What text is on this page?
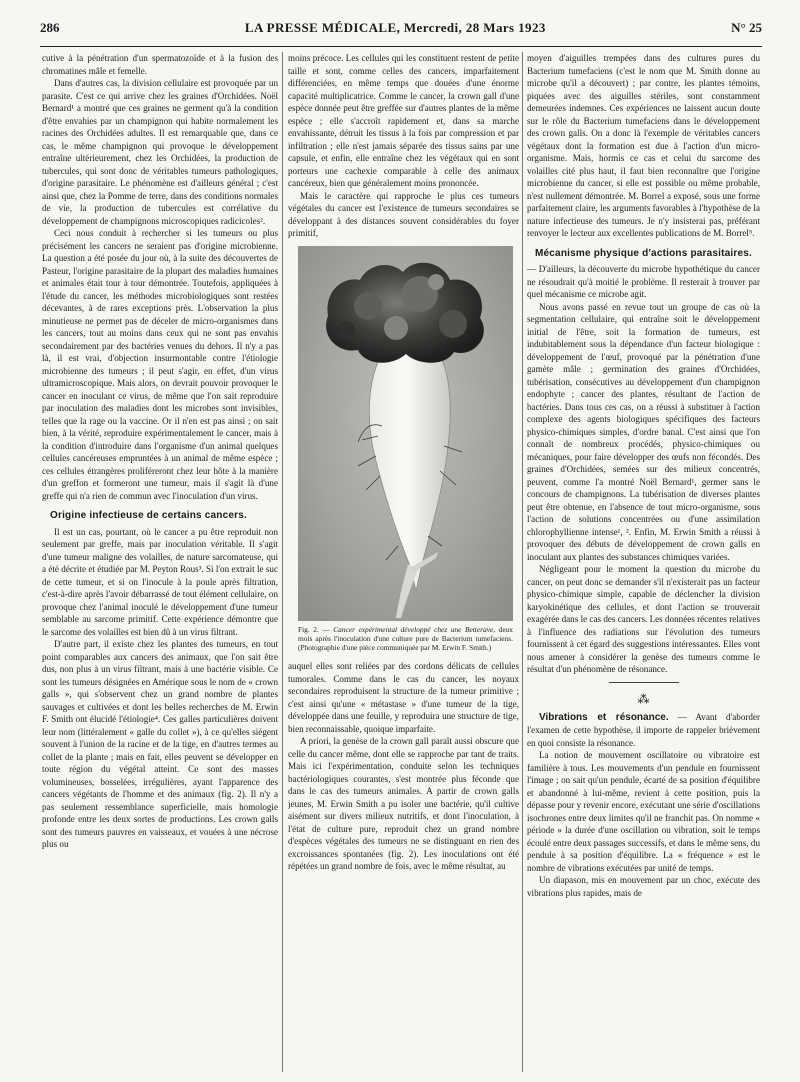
286	LA PRESSE MÉDICALE, Mercredi, 28 Mars 1923	N° 25

cutive à la pénétration d'un spermatozoïde et à la fusion des chromatines mâle et femelle.

Dans d'autres cas, la division cellulaire est provoquée par un parasite. C'est ce qui arrive chez les graines d'Orchidées. Noël Bernard¹ a montré que ces graines ne germent qu'à la condition d'être envahies par un champignon qui habite normalement les racines des Orchidées adultes. Il est remarquable que, dans ce cas, le même champignon qui provoque le développement entraîne ultérieurement, chez les Orchidées, la production de tubercules, qui sont donc de véritables tumeurs pathologiques, d'origine parasitaire. Le phénomène est d'ailleurs général ; c'est ainsi que, chez la Pomme de terre, dans des conditions normales de vie, la production de tubercules est corrélative du développement de champignons microscopiques radicicoles².

Ceci nous conduit à rechercher si les tumeurs ou plus précisément les cancers ne seraient pas d'origine microbienne. La question a été posée du jour où, à la suite des découvertes de Pasteur, l'origine parasitaire de la plupart des maladies humaines et animales était tour à tour démontrée. Toutefois, appliquées à l'étude du cancer, les méthodes microbiologiques sont restées décevantes, à de rares exceptions près. L'observation la plus minutieuse ne permet pas de déceler de micro-organismes dans les cancers, tout au moins dans ceux qui ne sont pas envahis secondairement par des bactéries venues du dehors. Il n'y a pas là, il est vrai, d'objection insurmontable contre l'étiologie microbienne des tumeurs ; il peut s'agir, en effet, d'un virus ultramicroscopique. Mais alors, on devrait pouvoir provoquer le cancer en inoculant ce virus, de même que l'on sait reproduire par inoculation des maladies dont les microbes sont invisibles, telles que la rage ou la vaccine. Or il n'en est pas ainsi ; on sait bien, à la vérité, reproduire expérimentalement le cancer, mais à la condition d'introduire dans l'organisme d'un animal quelques cellules cancéreuses empruntées à un animal de même espèce ; ces cellules étrangères proliféreront chez leur hôte à la manière d'un greffon et formeront une tumeur, mais il s'agit là d'une greffe qui n'a rien de commun avec l'inoculation d'un virus.

Origine infectieuse de certains cancers.

Il est un cas, pourtant, où le cancer a pu être reproduit non seulement par greffe, mais par inoculation véritable. Il s'agit d'une tumeur maligne des volailles, de nature sarcomateuse, qui a été décrite et étudiée par M. Peyton Rous³. Si l'on extrait le suc de cette tumeur, et si on l'inocule à la poule après filtration, c'est-à-dire après l'avoir débarrassé de tout élément cellulaire, on provoque chez l'animal inoculé le développement d'une tumeur semblable au sarcome primitif. Cette expérience démontre que le sarcome des volailles est bien dû à un virus filtrant.

D'autre part, il existe chez les plantes des tumeurs, en tout point comparables aux cancers des animaux, que l'on sait être dus, non plus à un virus filtrant, mais à une bactérie visible. Ce sont les tumeurs désignées en Amérique sous le nom de « crown galls », qui s'observent chez un grand nombre de plantes sauvages et cultivées et dont les belles recherches de M. Erwin F. Smith ont élucidé l'étiologie⁴. Ces galles particulières doivent leur nom (littéralement « galle du collet »), à ce qu'elles siègent souvent à l'union de la racine et de la tige, en d'autres termes au collet de la plante ; mais en fait, elles peuvent se développer en toute région du végétal atteint. Ce sont des masses volumineuses, bosselées, irrégulières, ayant l'apparence des cancers végétants de l'homme et des animaux (fig. 2). Il n'y a pas seulement ressemblance superficielle, mais homologie profonde entre les deux sortes de productions. Les crown galls sont des tumeurs pauvres en vaisseaux, et vouées à une nécrose plus ou

moins précoce. Les cellules qui les constituent restent de petite taille et sont, comme celles des cancers, imparfaitement différenciées, en même temps que douées d'une énorme capacité multiplicatrice. Comme le cancer, la crown gall d'une espèce donnée peut être greffée sur d'autres plantes de la même espèce ; elle s'accroît rapidement et, dans sa marche envahissante, détruit les tissus à la fois par compression et par infiltration ; elle n'est jamais séparée des tissus sains par une capsule, et enfin, elle entraîne chez les végétaux qui en sont porteurs une cachexie comparable à celle des animaux cancéreux, bien que généralement moins prononcée.

Mais le caractère qui rapproche le plus ces tumeurs végétales du cancer est l'existence de tumeurs secondaires se développant à des distances souvent considérables du foyer primitif,

Fig. 2. — Cancer expérimental développé chez une Betterave, deux mois après l'inoculation d'une culture pure de Bacterium tumefaciens. (Photographie d'une pièce communiquée par M. Erwin F. Smith.)

auquel elles sont reliées par des cordons délicats de cellules tumorales. Comme dans le cas du cancer, les noyaux secondaires reproduisent la structure de la tumeur primitive ; c'est ainsi qu'une « métastase » d'une tumeur de la tige, développée dans une feuille, y reproduira une structure de tige, bien reconnaissable, quoique imparfaite.

A priori, la genèse de la crown gall paraît aussi obscure que celle du cancer même, dont elle se rapproche par tant de traits. Mais ici l'expérimentation, conduite selon les techniques bactériologiques courantes, s'est montrée plus féconde que dans le cas des tumeurs animales. A partir de crown galls jeunes, M. Erwin Smith a pu isoler une bactérie, qu'il cultive aisément sur divers milieux nutritifs, et dont l'inoculation, à l'état de culture pure, reproduit chez un grand nombre d'espèces végétales des tumeurs ne se distinguant en rien des excroissances spontanées (fig. 2). Les inoculations ont été répétées un grand nombre de fois, avec le même résultat, au

moyen d'aiguilles trempées dans des cultures pures du Bacterium tumefaciens (c'est le nom que M. Smith donne au microbe qu'il a découvert) ; par contre, les plantes témoins, piquées avec des aiguilles stériles, sont constamment demeurées indemnes. Ces expériences ne laissent aucun doute sur le rôle du Bacterium tumefaciens dans le développement des crown galls. On a donc là l'exemple de véritables cancers végétaux dont la formation est due à l'action d'un micro-organisme. Mais, hormis ce cas et celui du sarcome des volailles cité plus haut, il faut bien reconnaître que l'origine microbienne du cancer, si elle est possible ou même probable, n'est nullement démontrée. M. Borrel a exposé, sous une forme parfaitement claire, les arguments favorables à l'hypothèse de la nature infectieuse des tumeurs. Je n'y insisterai pas, préférant renvoyer le lecteur aux excellentes publications de M. Borrel⁵.

Mécanisme physique d'actions parasitaires.

— D'ailleurs, la découverte du microbe hypothétique du cancer ne résoudrait qu'à moitié le problème. Il resterait à trouver par quel mécanisme ce microbe agit.

Nous avons passé en revue tout un groupe de cas où la segmentation cellulaire, qui entraîne soit le développement initial de l'être, soit la formation de tumeurs, est indubitablement sous la dépendance d'un facteur biologique : développement de l'œuf, provoqué par la pénétration d'une gamète mâle ; germination des graines d'Orchidées, tubérisation, consécutives au développement d'un champignon endophyte ; cancer des plantes, résultant de l'action de bactéries. Dans tous ces cas, on a réussi à substituer à l'action complexe des agents biologiques spécifiques des facteurs physico-chimiques simples, d'ordre banal. C'est ainsi que l'on connaît de nombreux procédés, physico-chimiques ou mécaniques, pour faire développer des œufs non fécondés. Des graines d'Orchidées, semées sur des milieux concentrés, peuvent, comme l'a montré Noël Bernard¹, germer sans le concours de champignons. La tubérisation de diverses plantes peut être obtenue, en l'absence de tout micro-organisme, sous l'action de solutions concentrées ou d'une assimilation chlorophyllienne intense¹, ². Enfin, M. Erwin Smith a réussi à provoquer des débuts de développement de crown galls en inoculant aux plantes des substances chimiques variées.

Négligeant pour le moment la question du microbe du cancer, on peut donc se demander s'il n'existerait pas un facteur physico-chimique simple, capable de déclencher la division karyokinétique des cellules, et dont l'action se trouverait exagérée dans le cas des cancers. Les données récentes relatives à l'influence des radiations sur l'évolution des tumeurs fournissent à cet égard des suggestions intéressantes. Elles vont nous amener à considérer la genèse des tumeurs comme le résultat d'un phénomène de résonance.

⁂

Vibrations et résonance. — Avant d'aborder l'examen de cette hypothèse, il importe de rappeler brièvement en quoi consiste la résonance.

La notion de mouvement oscillatoire ou vibratoire est familière à tous. Les mouvements d'un pendule en fournissent l'image ; on sait qu'un pendule, écarté de sa position d'équilibre et abandonné à lui-même, revient à cette position, puis la dépasse pour y revenir encore, exécutant une série d'oscillations isochrones entre deux limites qu'il ne franchit pas. On nomme « période » la durée d'une oscillation ou vibration, soit le temps écoulé entre deux passages successifs, et dans le même sens, du pendule à sa position d'équilibre. La « fréquence » est le nombre de vibrations exécutées par unité de temps.

Un diapason, mis en mouvement par un choc, exécute des vibrations plus rapides, mais de
